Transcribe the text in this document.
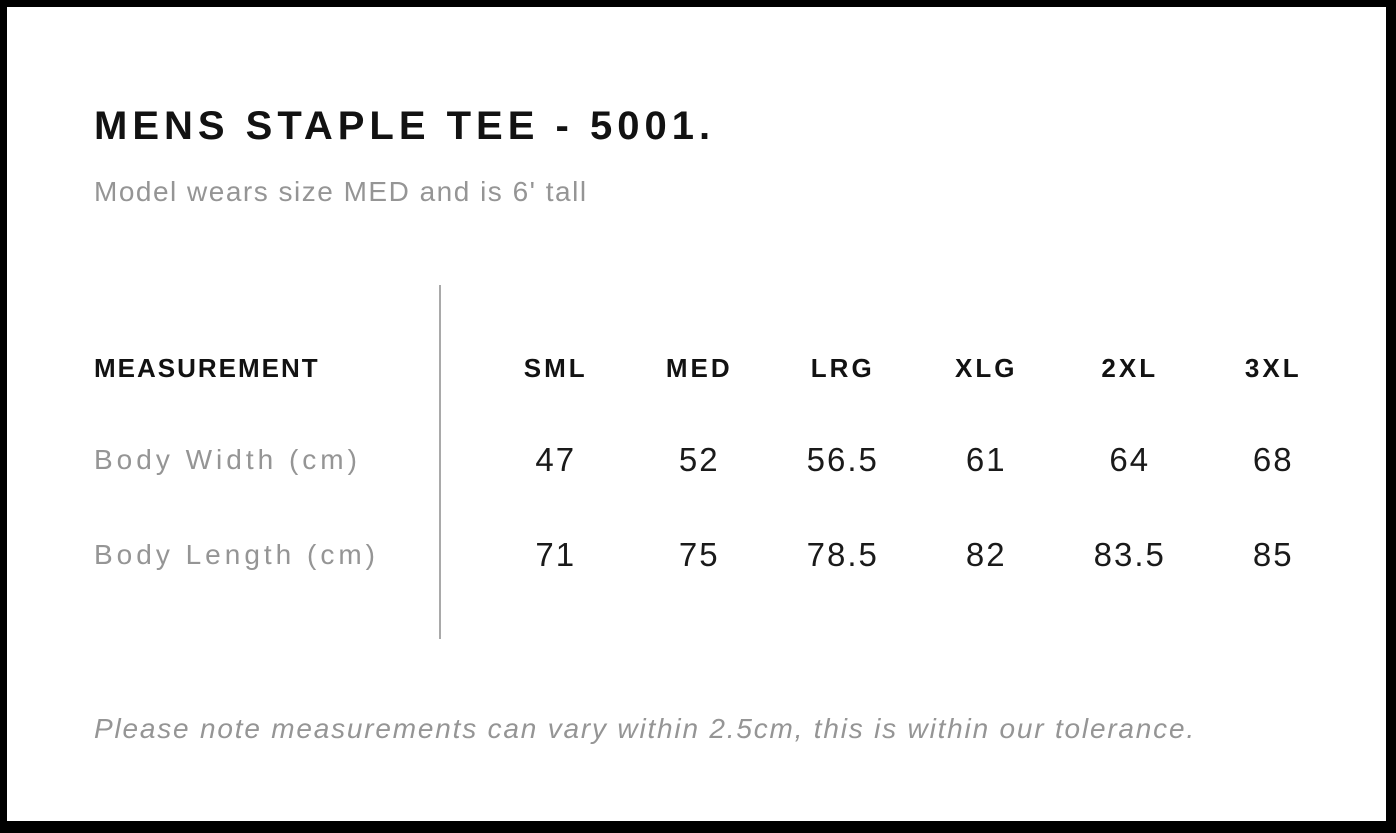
MENS STAPLE TEE - 5001.

Model wears size MED and is 6' tall

MEASUREMENT	SML	MED	LRG	XLG	2XL	3XL
Body Width (cm)	47	52	56.5	61	64	68
Body Length (cm)	71	75	78.5	82	83.5	85

Please note measurements can vary within 2.5cm, this is within our tolerance.
